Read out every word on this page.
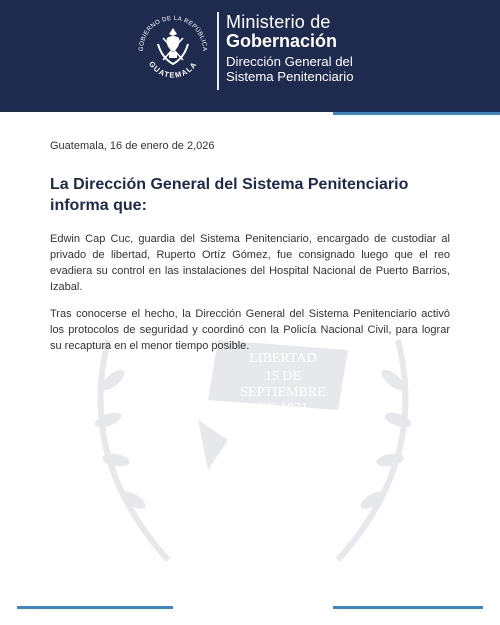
GOBIERNO DE LA REPÚBLICA
GUATEMALA
Ministerio de
Gobernación
Dirección General del
Sistema Penitenciario
LIBERTAD
15 DE
SEPTIEMBRE
DE 1821
Guatemala, 16 de enero de 2,026
La Dirección General del Sistema Penitenciario
informa que:
Edwin Cap Cuc, guardia del Sistema Penitenciario, encargado de custodiar al privado de libertad, Ruperto Ortíz Gómez, fue consignado luego que el reo evadiera su control en las instalaciones del Hospital Nacional de Puerto Barrios, Izabal.
Tras conocerse el hecho, la Dirección General del Sistema Penitenciario activó los protocolos de seguridad y coordinó con la Policía Nacional Civil, para lograr su recaptura en el menor tiempo posible.
